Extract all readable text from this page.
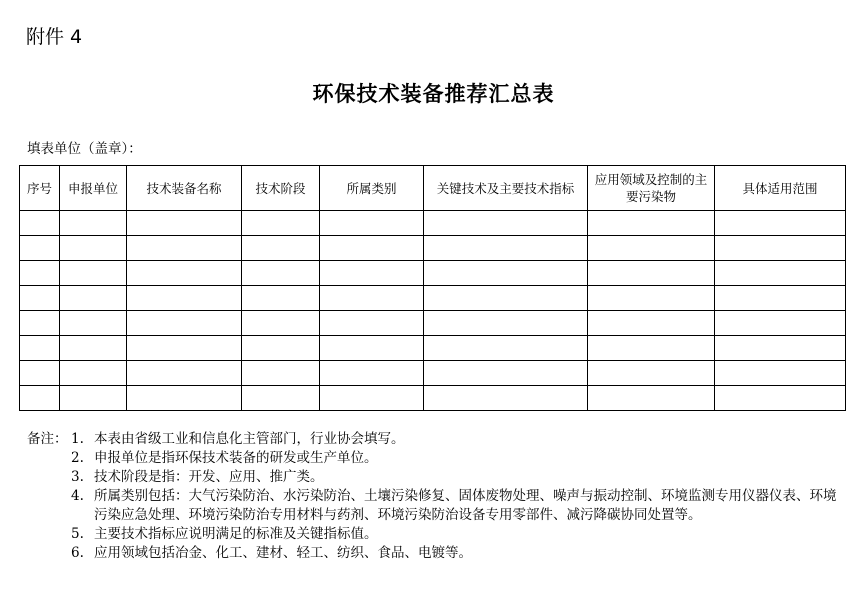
附件 4
环保技术装备推荐汇总表
填表单位（盖章）：
序号	申报单位	技术装备名称	技术阶段	所属类别	关键技术及主要技术指标	应用领域及控制的主要污染物	具体适用范围

备注： 1. 本表由省级工业和信息化主管部门，行业协会填写。
2. 申报单位是指环保技术装备的研发或生产单位。
3. 技术阶段是指：开发、应用、推广类。
4. 所属类别包括：大气污染防治、水污染防治、土壤污染修复、固体废物处理、噪声与振动控制、环境监测专用仪器仪表、环境污染应急处理、环境污染防治专用材料与药剂、环境污染防治设备专用零部件、减污降碳协同处置等。
5. 主要技术指标应说明满足的标准及关键指标值。
6. 应用领域包括冶金、化工、建材、轻工、纺织、食品、电镀等。
